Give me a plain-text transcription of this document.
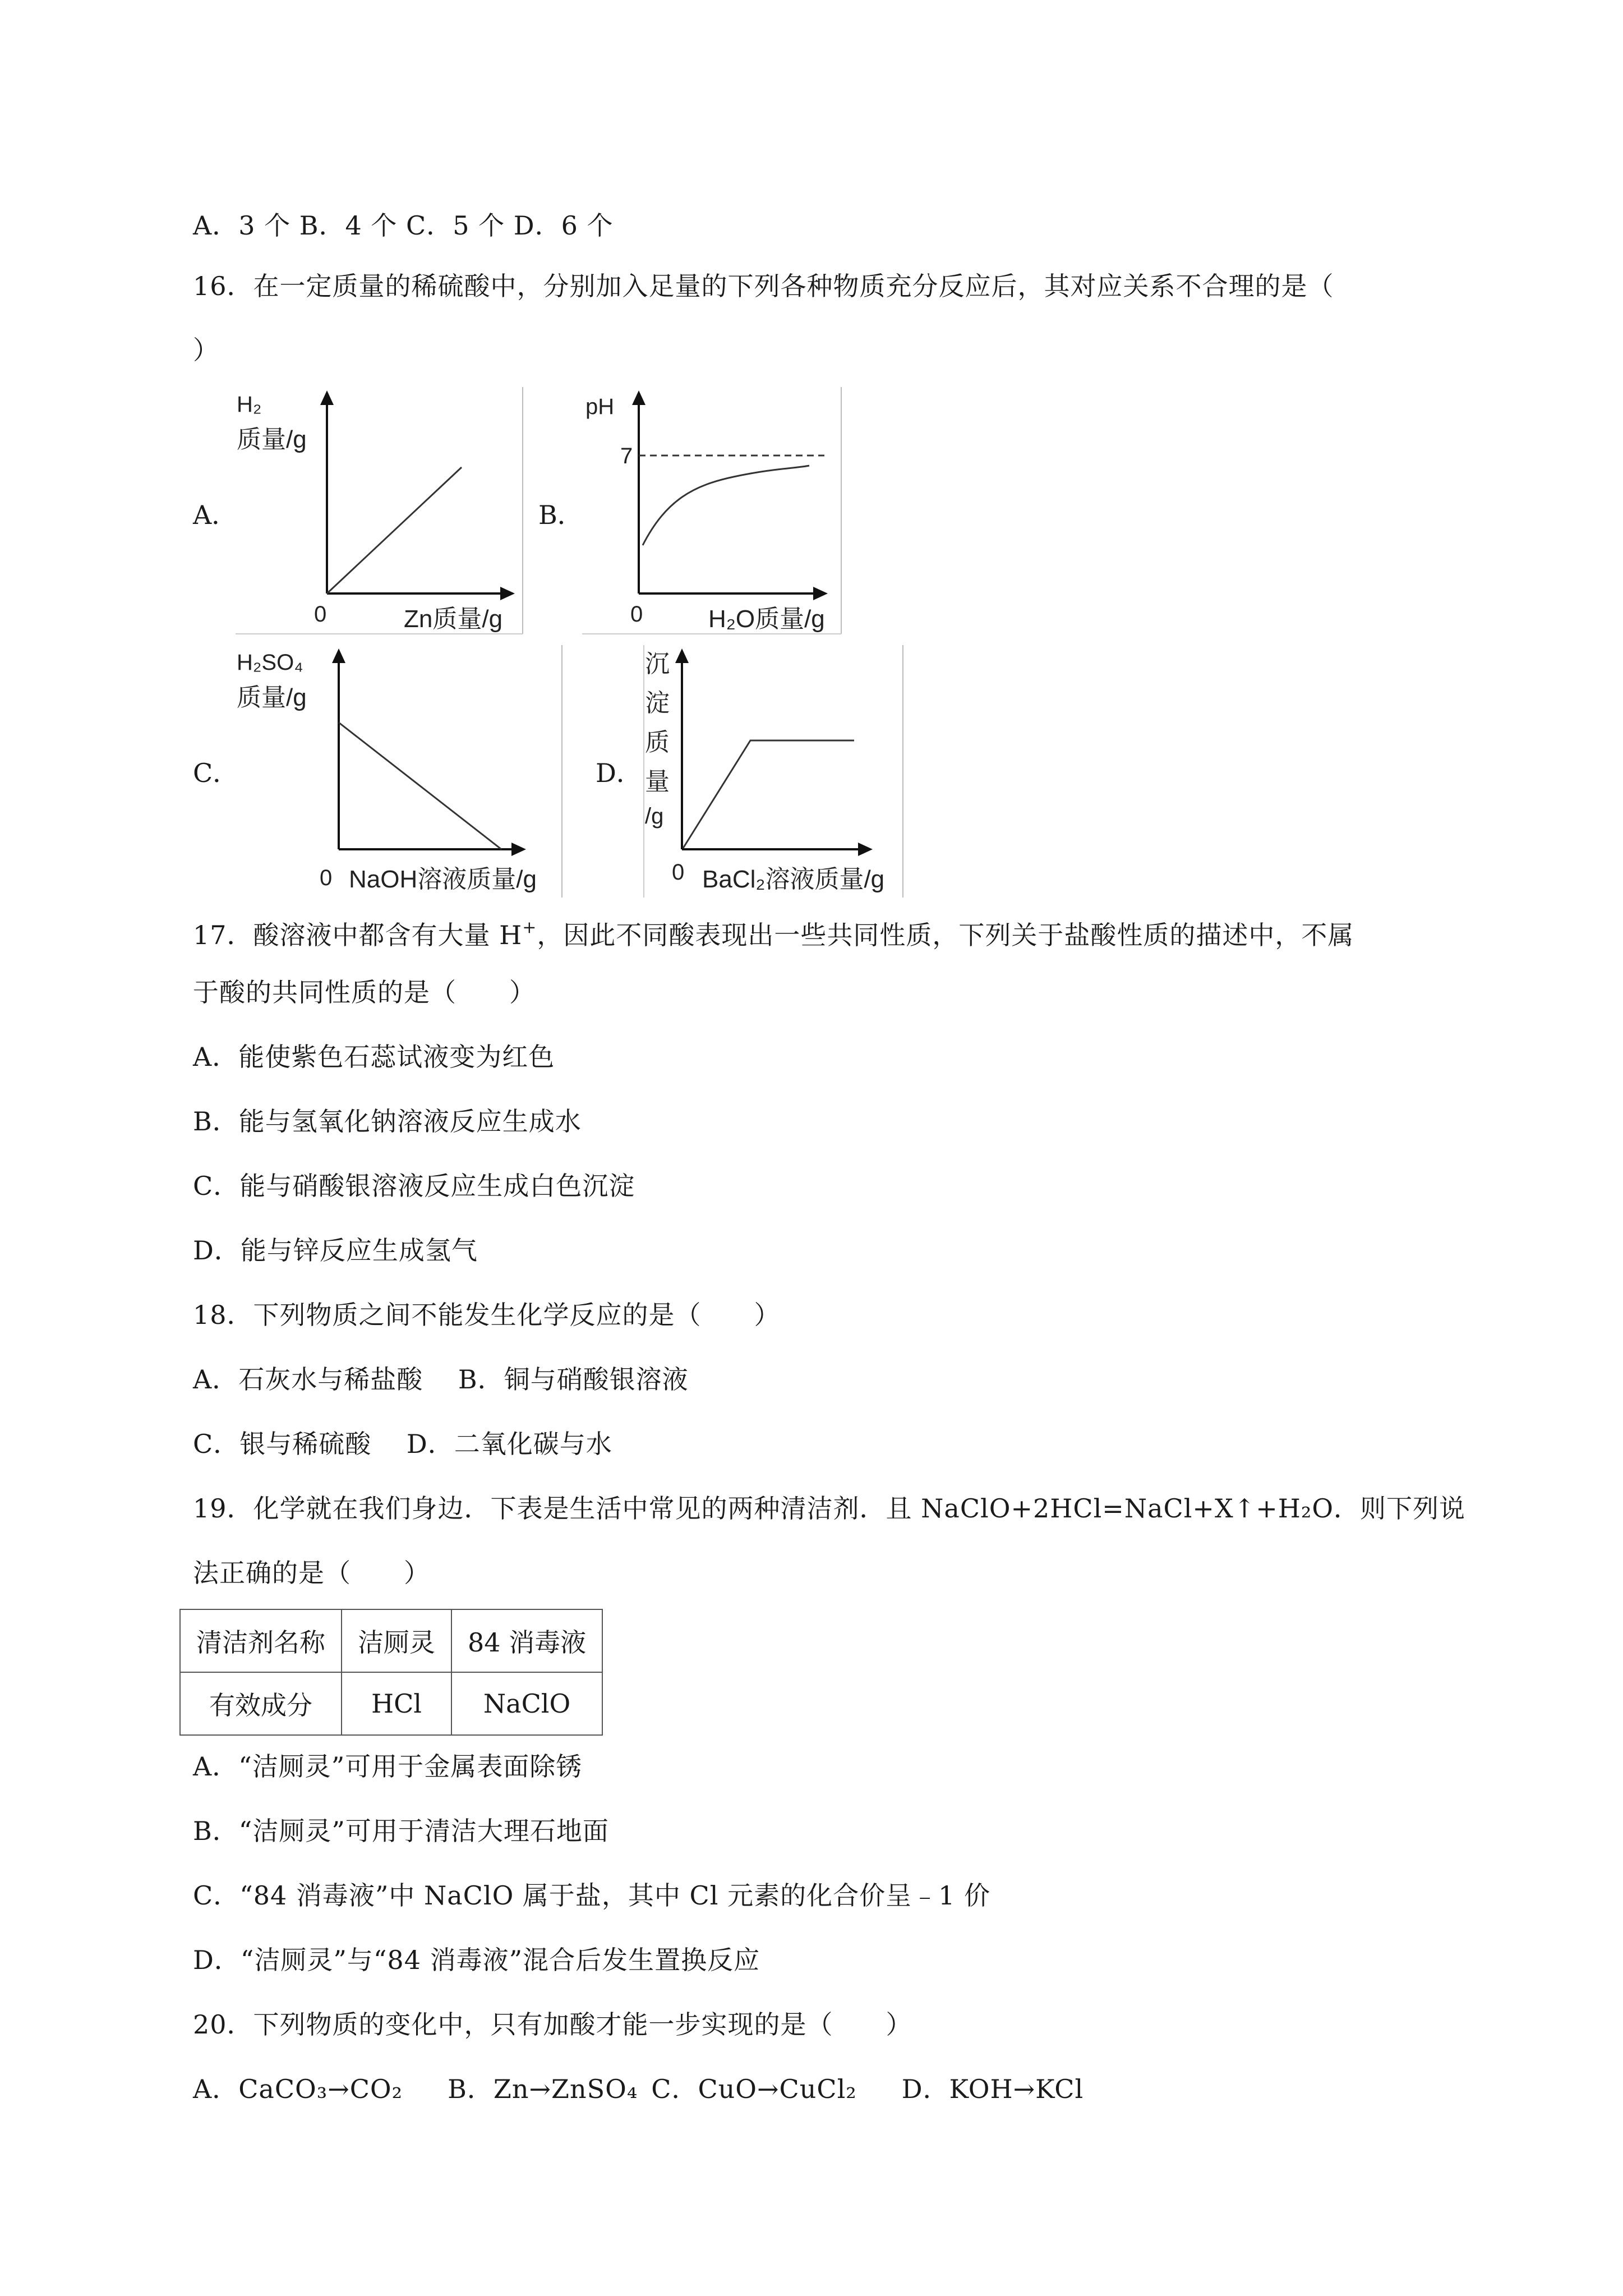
A．3 个 B．4 个 C．5 个 D．6 个
16．在一定质量的稀硫酸中，分别加入足量的下列各种物质充分反应后，其对应关系不合理的是（
）
A．	B．
C．	D．
H₂
质量/g
0	Zn质量/g
pH
7
0	H₂O质量/g
H₂SO₄
质量/g
0 NaOH溶液质量/g
沉
淀
质
量
/g
0 BaCl₂溶液质量/g
17．酸溶液中都含有大量 H+，因此不同酸表现出一些共同性质，下列关于盐酸性质的描述中，不属
于酸的共同性质的是（　　）
A．能使紫色石蕊试液变为红色
B．能与氢氧化钠溶液反应生成水
C．能与硝酸银溶液反应生成白色沉淀
D．能与锌反应生成氢气
18．下列物质之间不能发生化学反应的是（　　）
A．石灰水与稀盐酸　 B．铜与硝酸银溶液
C．银与稀硫酸　 D．二氧化碳与水
19．化学就在我们身边．下表是生活中常见的两种清洁剂．且 NaClO+2HCl=NaCl+X↑+H₂O．则下列说
法正确的是（　　）
清洁剂名称	洁厕灵	84 消毒液
有效成分	HCl	NaClO
A．“洁厕灵”可用于金属表面除锈
B．“洁厕灵”可用于清洁大理石地面
C．“84 消毒液”中 NaClO 属于盐，其中 Cl 元素的化合价呈﹣1 价
D．“洁厕灵”与“84 消毒液”混合后发生置换反应
20．下列物质的变化中，只有加酸才能一步实现的是（　　）
A．CaCO₃→CO₂ B．Zn→ZnSO₄ C．CuO→CuCl₂ D．KOH→KCl
